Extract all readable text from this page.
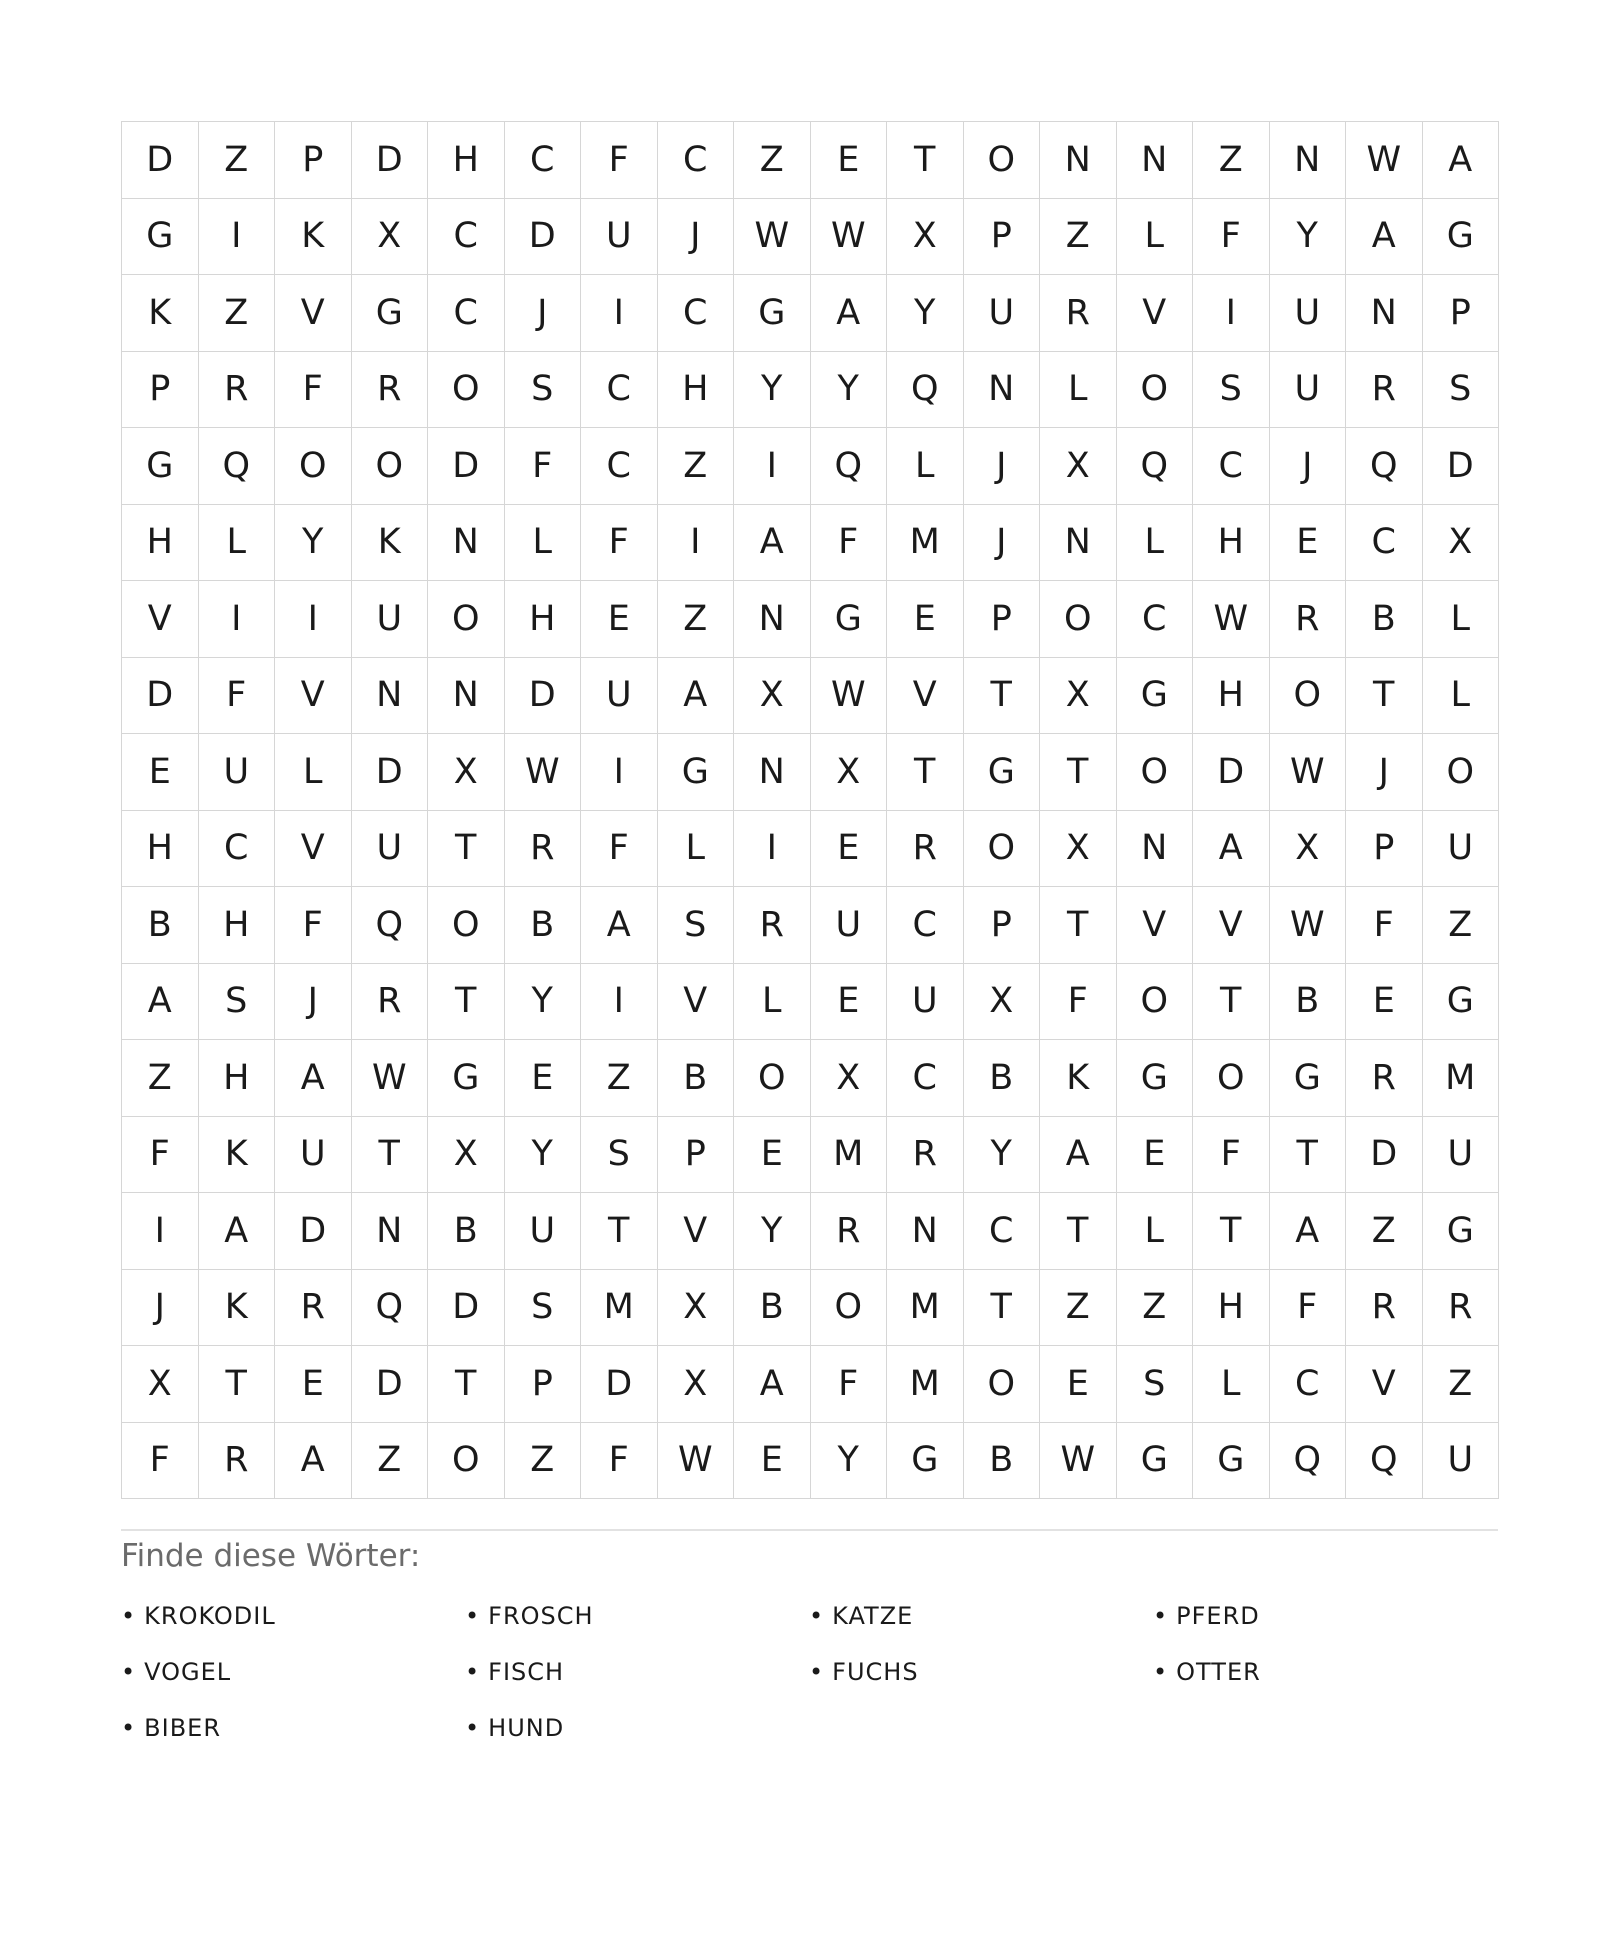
D	Z	P	D	H	C	F	C	Z	E	T	O	N	N	Z	N	W	A
G	I	K	X	C	D	U	J	W	W	X	P	Z	L	F	Y	A	G
K	Z	V	G	C	J	I	C	G	A	Y	U	R	V	I	U	N	P
P	R	F	R	O	S	C	H	Y	Y	Q	N	L	O	S	U	R	S
G	Q	O	O	D	F	C	Z	I	Q	L	J	X	Q	C	J	Q	D
H	L	Y	K	N	L	F	I	A	F	M	J	N	L	H	E	C	X
V	I	I	U	O	H	E	Z	N	G	E	P	O	C	W	R	B	L
D	F	V	N	N	D	U	A	X	W	V	T	X	G	H	O	T	L
E	U	L	D	X	W	I	G	N	X	T	G	T	O	D	W	J	O
H	C	V	U	T	R	F	L	I	E	R	O	X	N	A	X	P	U
B	H	F	Q	O	B	A	S	R	U	C	P	T	V	V	W	F	Z
A	S	J	R	T	Y	I	V	L	E	U	X	F	O	T	B	E	G
Z	H	A	W	G	E	Z	B	O	X	C	B	K	G	O	G	R	M
F	K	U	T	X	Y	S	P	E	M	R	Y	A	E	F	T	D	U
I	A	D	N	B	U	T	V	Y	R	N	C	T	L	T	A	Z	G
J	K	R	Q	D	S	M	X	B	O	M	T	Z	Z	H	F	R	R
X	T	E	D	T	P	D	X	A	F	M	O	E	S	L	C	V	Z
F	R	A	Z	O	Z	F	W	E	Y	G	B	W	G	G	Q	Q	U
Finde diese Wörter:
• KROKODIL	• FROSCH	• KATZE	• PFERD
• VOGEL	• FISCH	• FUCHS	• OTTER
• BIBER	• HUND
